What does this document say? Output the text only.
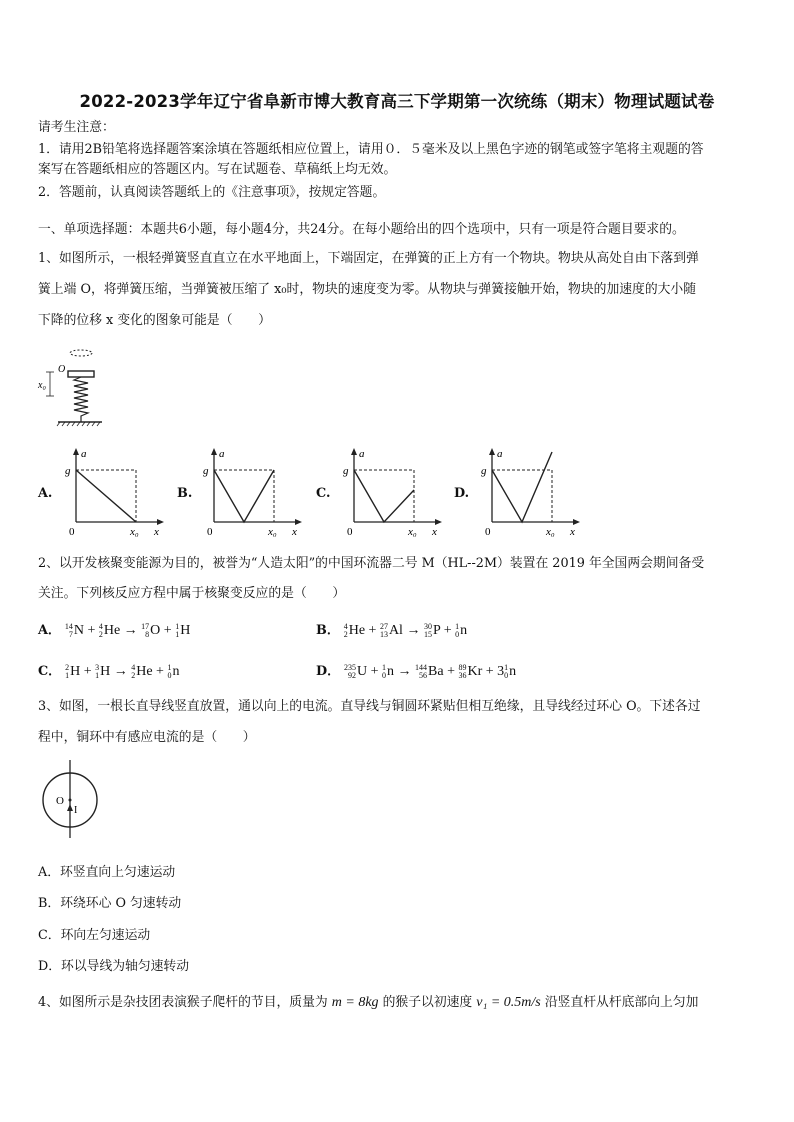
2022-2023学年辽宁省阜新市博大教育高三下学期第一次统练（期末）物理试题试卷
请考生注意：
1．请用2B铅笔将选择题答案涂填在答题纸相应位置上，请用０．５毫米及以上黑色字迹的钢笔或签字笔将主观题的答
案写在答题纸相应的答题区内。写在试题卷、草稿纸上均无效。
2．答题前，认真阅读答题纸上的《注意事项》，按规定答题。
一、单项选择题：本题共6小题，每小题4分，共24分。在每小题给出的四个选项中，只有一项是符合题目要求的。
1、如图所示，一根轻弹簧竖直直立在水平地面上，下端固定，在弹簧的正上方有一个物块。物块从高处自由下落到弹
簧上端 O，将弹簧压缩，当弹簧被压缩了 x₀时，物块的速度变为零。从物块与弹簧接触开始，物块的加速度的大小随
下降的位移 x 变化的图象可能是（　　）
x₀
O
A.	B.	C.	D.
a
g
0	x₀ x
a
g
0	x₀ x
a
g
0	x₀ x
a
g
0	x₀ x
2、以开发核聚变能源为目的，被誉为“人造太阳”的中国环流器二号 M（HL--2M）装置在 2019 年全国两会期间备受
关注。下列核反应方程中属于核聚变反应的是（　　）
A． 14
7 N + 4
2 He → 17
8 O + 1
1 H	B． 4
2 He + 27
13 Al → 30
15 P + 1
0 n
C． 2
1 H + 3
1 H → 4
2 He + 1
0 n	D． 235
92 U + 1
0 n → 144
56 Ba + 89
36 Kr + 3 1
0 n
3、如图，一根长直导线竖直放置，通以向上的电流。直导线与铜圆环紧贴但相互绝缘，且导线经过环心 O。下述各过
程中，铜环中有感应电流的是（　　）
O
I
A．环竖直向上匀速运动
B．环绕环心 O 匀速转动
C．环向左匀速运动
D．环以导线为轴匀速转动
4、如图所示是杂技团表演猴子爬杆的节目，质量为 m = 8kg 的猴子以初速度 v₁ = 0.5m/s 沿竖直杆从杆底部向上匀加
